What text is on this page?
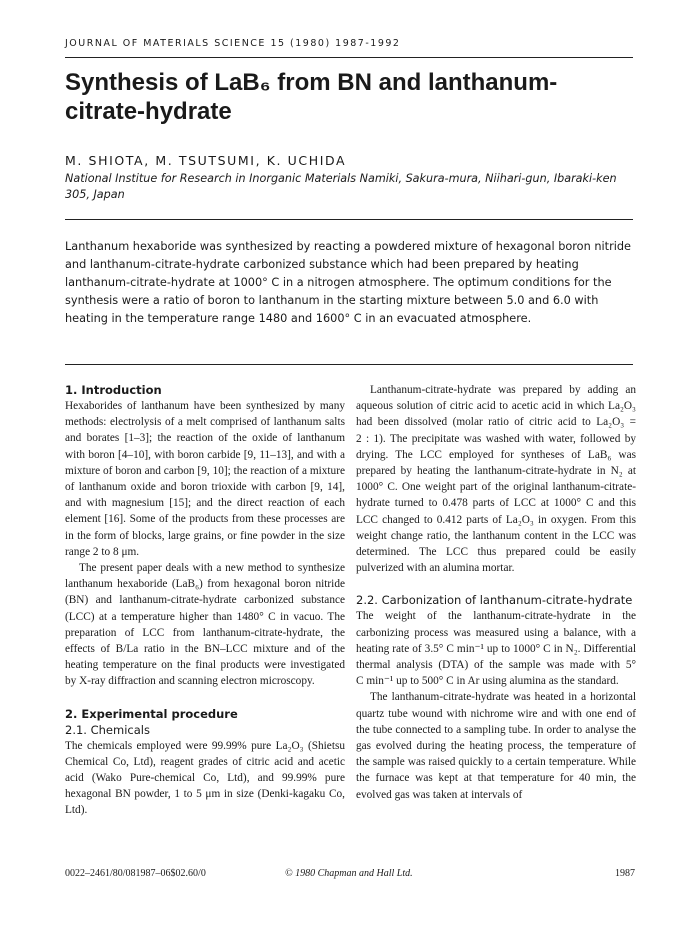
JOURNAL OF MATERIALS SCIENCE 15 (1980) 1987-1992
Synthesis of LaB₆ from BN and lanthanum-citrate-hydrate
M. SHIOTA, M. TSUTSUMI, K. UCHIDA

National Institue for Research in Inorganic Materials Namiki, Sakura-mura, Niihari-gun, Ibaraki-ken 305, Japan

Lanthanum hexaboride was synthesized by reacting a powdered mixture of hexagonal boron nitride and lanthanum-citrate-hydrate carbonized substance which had been prepared by heating lanthanum-citrate-hydrate at 1000° C in a nitrogen atmosphere. The optimum conditions for the synthesis were a ratio of boron to lanthanum in the starting mixture between 5.0 and 6.0 with heating in the temperature range 1480 and 1600° C in an evacuated atmosphere.

1. Introduction

Hexaborides of lanthanum have been synthesized by many methods: electrolysis of a melt comprised of lanthanum salts and borates [1–3]; the reaction of the oxide of lanthanum with boron [4–10], with boron carbide [9, 11–13], and with a mixture of boron and carbon [9, 10]; the reaction of a mixture of lanthanum oxide and boron trioxide with carbon [9, 14], and with magnesium [15]; and the direct reaction of each element [16]. Some of the products from these processes are in the form of blocks, large grains, or fine powder in the size range 2 to 8 μm.

The present paper deals with a new method to synthesize lanthanum hexaboride (LaB₆) from hexagonal boron nitride (BN) and lanthanum-citrate-hydrate carbonized substance (LCC) at a temperature higher than 1480° C in vacuo. The preparation of LCC from lanthanum-citrate-hydrate, the effects of B/La ratio in the BN–LCC mixture and of the heating temperature on the final products were investigated by X-ray diffraction and scanning electron microscopy.

2. Experimental procedure
2.1. Chemicals

The chemicals employed were 99.99% pure La₂O₃ (Shietsu Chemical Co, Ltd), reagent grades of citric acid and acetic acid (Wako Pure-chemical Co, Ltd), and 99.99% pure hexagonal BN powder, 1 to 5 μm in size (Denki-kagaku Co, Ltd).

Lanthanum-citrate-hydrate was prepared by adding an aqueous solution of citric acid to acetic acid in which La₂O₃ had been dissolved (molar ratio of citric acid to La₂O₃ = 2 : 1). The precipitate was washed with water, followed by drying. The LCC employed for syntheses of LaB₆ was prepared by heating the lanthanum-citrate-hydrate in N₂ at 1000° C. One weight part of the original lanthanum-citrate-hydrate turned to 0.478 parts of LCC at 1000° C and this LCC changed to 0.412 parts of La₂O₃ in oxygen. From this weight change ratio, the lanthanum content in the LCC was determined. The LCC thus prepared could be easily pulverized with an alumina mortar.

2.2. Carbonization of lanthanum-citrate-hydrate

The weight of the lanthanum-citrate-hydrate in the carbonizing process was measured using a balance, with a heating rate of 3.5° C min⁻¹ up to 1000° C in N₂. Differential thermal analysis (DTA) of the sample was made with 5° C min⁻¹ up to 500° C in Ar using alumina as the standard.

The lanthanum-citrate-hydrate was heated in a horizontal quartz tube wound with nichrome wire and with one end of the tube connected to a sampling tube. In order to analyse the gas evolved during the heating process, the temperature of the sample was raised quickly to a certain temperature. While the furnace was kept at that temperature for 40 min, the evolved gas was taken at intervals of

0022–2461/80/081987–06$02.60/0	© 1980 Chapman and Hall Ltd.	1987
